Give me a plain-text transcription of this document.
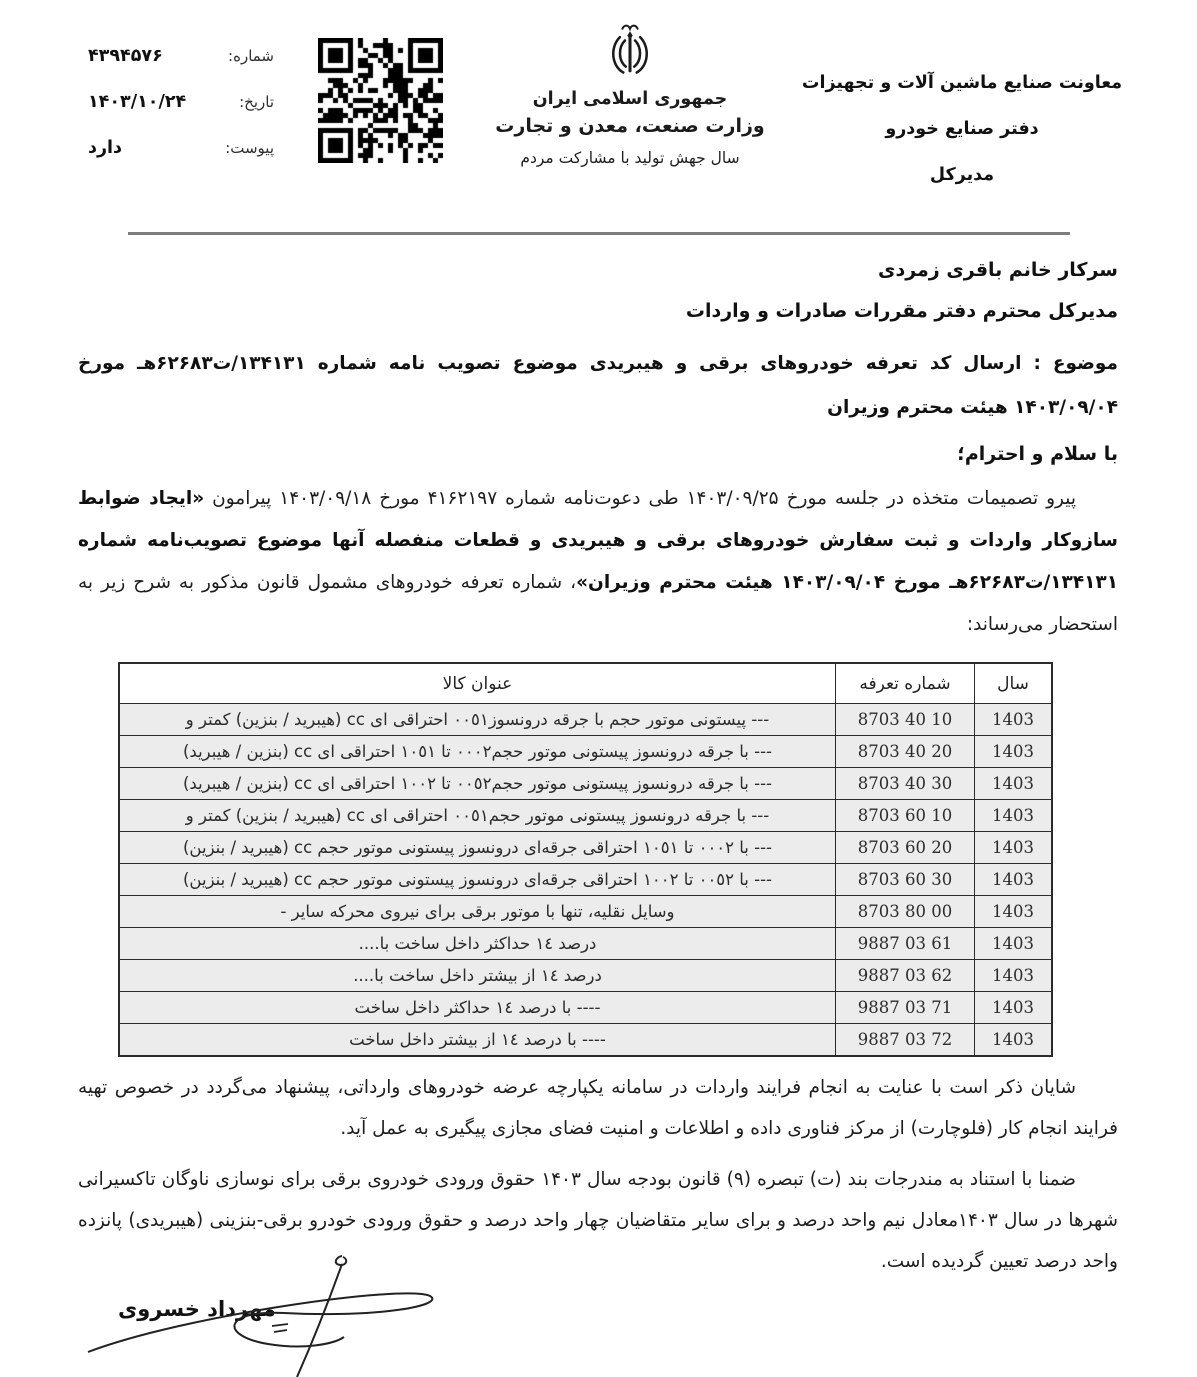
شماره:
۴۳۹۴۵۷۶
تاریخ:
۱۴۰۳/۱۰/۲۴
پیوست:
دارد
جمهوری اسلامی ایران
وزارت صنعت، معدن و تجارت
سال جهش تولید با مشارکت مردم
معاونت صنایع ماشین آلات و تجهیزات
دفتر صنایع خودرو
مدیرکل
سرکار خانم باقری زمردی
مدیرکل محترم دفتر مقررات صادرات و واردات
موضوع : ارسال کد تعرفه خودروهای برقی و هیبریدی موضوع تصویب نامه شماره ۱۳۴۱۳۱/ت۶۲۶۸۳هـ مورخ ۱۴۰۳/۰۹/۰۴ هیئت محترم وزیران
با سلام و احترام؛
پیرو تصمیمات متخذه در جلسه مورخ ۱۴۰۳/۰۹/۲۵ طی دعوت‌نامه شماره ۴۱۶۲۱۹۷ مورخ ۱۴۰۳/۰۹/۱۸ پیرامون «ایجاد ضوابط سازوکار واردات و ثبت سفارش خودروهای برقی و هیبریدی و قطعات منفصله آنها موضوع تصویب‌نامه شماره ۱۳۴۱۳۱/ت۶۲۶۸۳هـ مورخ ۱۴۰۳/۰۹/۰۴ هیئت محترم وزیران»، شماره تعرفه خودروهای مشمول قانون مذکور به شرح زیر به استحضار می‌رساند:
سال	شماره تعرفه	عنوان کالا
1403	8703 40 10	--- پیستونی موتور حجم با جرقه درونسوز٠٠٥١ احتراقی ای cc (هیبرید / بنزین) کمتر و
1403	8703 40 20	--- با جرقه درونسوز پیستونی موتور حجم٠٠٠٢ تا ١٠٥١ احتراقی ای cc (بنزین / هیبرید)
1403	8703 40 30	--- با جرقه درونسوز پیستونی موتور حجم٠٠٥٢ تا ١٠٠٢ احتراقی ای cc (بنزین / هیبرید)
1403	8703 60 10	--- با جرقه درونسوز پیستونی موتور حجم٠٠٥١ احتراقی ای cc (هیبرید / بنزین) کمتر و
1403	8703 60 20	--- با ٠٠٠٢ تا ١٠٥١ احتراقی جرقه‌ای درونسوز پیستونی موتور حجم cc (هیبرید / بنزین)
1403	8703 60 30	--- با ٠٠٥٢ تا ١٠٠٢ احتراقی جرقه‌ای درونسوز پیستونی موتور حجم cc (هیبرید / بنزین)
1403	8703 80 00	وسایل نقلیه، تنها با موتور برقی برای نیروی محرکه سایر -
1403	9887 03 61	درصد ١٤ حداکثر داخل ساخت با....
1403	9887 03 62	درصد ١٤ از بیشتر داخل ساخت با....
1403	9887 03 71	---- با درصد ١٤ حداکثر داخل ساخت
1403	9887 03 72	---- با درصد ١٤ از بیشتر داخل ساخت
شایان ذکر است با عنایت به انجام فرایند واردات در سامانه یکپارچه عرضه خودروهای وارداتی، پیشنهاد می‌گردد در خصوص تهیه فرایند انجام کار (فلوچارت) از مرکز فناوری داده و اطلاعات و امنیت فضای مجازی پیگیری به عمل آید.
ضمنا با استناد به مندرجات بند (ت) تبصره (۹) قانون بودجه سال ۱۴۰۳ حقوق ورودی خودروی برقی برای نوسازی ناوگان تاکسیرانی شهرها در سال ۱۴۰۳معادل نیم واحد درصد و برای سایر متقاضیان چهار واحد درصد و حقوق ورودی خودرو برقی-بنزینی (هیبریدی) پانزده واحد درصد تعیین گردیده است.
مهرداد خسروی
